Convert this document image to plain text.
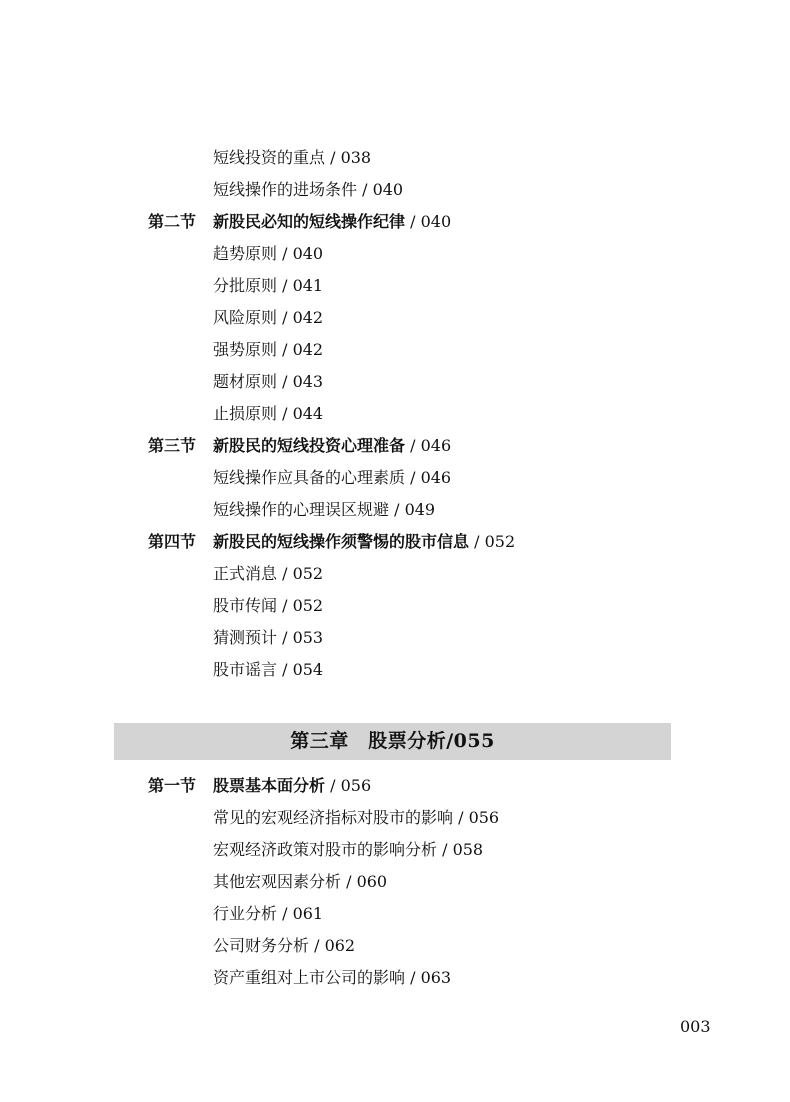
短线投资的重点 / 038
短线操作的进场条件 / 040
第二节 新股民必知的短线操作纪律 / 040
趋势原则 / 040
分批原则 / 041
风险原则 / 042
强势原则 / 042
题材原则 / 043
止损原则 / 044
第三节 新股民的短线投资心理准备 / 046
短线操作应具备的心理素质 / 046
短线操作的心理误区规避 / 049
第四节 新股民的短线操作须警惕的股市信息 / 052
正式消息 / 052
股市传闻 / 052
猜测预计 / 053
股市谣言 / 054
第三章　股票分析/055
第一节 股票基本面分析 / 056
常见的宏观经济指标对股市的影响 / 056
宏观经济政策对股市的影响分析 / 058
其他宏观因素分析 / 060
行业分析 / 061
公司财务分析 / 062
资产重组对上市公司的影响 / 063
003
